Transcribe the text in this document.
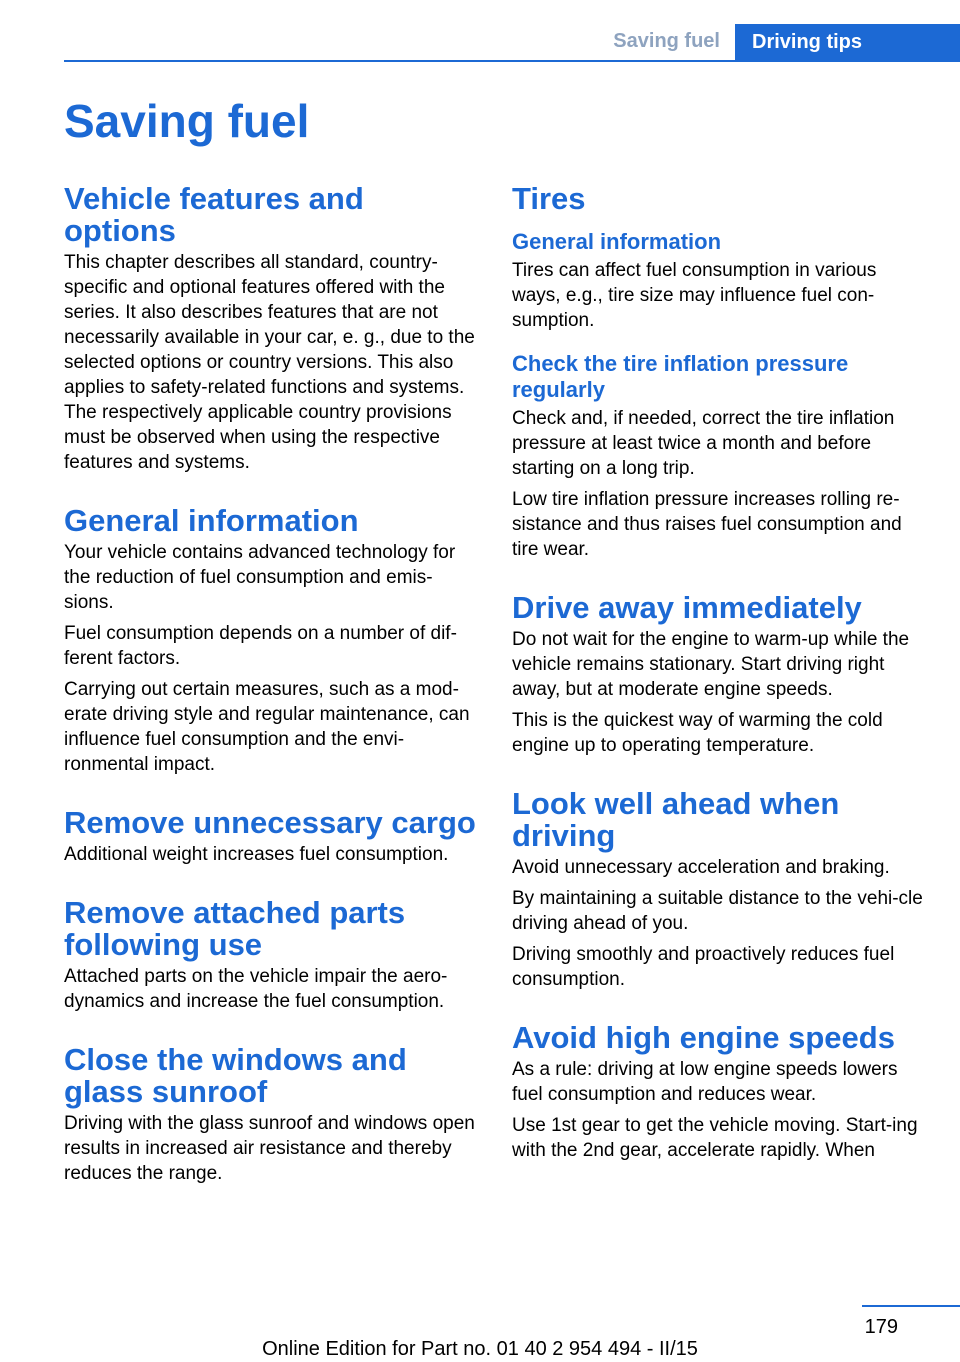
Saving fuel	Driving tips
Saving fuel
Vehicle features and options

This chapter describes all standard, country-specific and optional features offered with the series. It also describes features that are not necessarily available in your car, e. g., due to the selected options or country versions. This also applies to safety-related functions and systems. The respectively applicable country provisions must be observed when using the respective features and systems.

General information

Your vehicle contains advanced technology for the reduction of fuel consumption and emis-sions.

Fuel consumption depends on a number of dif-ferent factors.

Carrying out certain measures, such as a mod-erate driving style and regular maintenance, can influence fuel consumption and the envi-ronmental impact.

Remove unnecessary cargo

Additional weight increases fuel consumption.

Remove attached parts following use

Attached parts on the vehicle impair the aero-dynamics and increase the fuel consumption.

Close the windows and glass sunroof

Driving with the glass sunroof and windows open results in increased air resistance and thereby reduces the range.

Tires
General information

Tires can affect fuel consumption in various ways, e.g., tire size may influence fuel con-sumption.

Check the tire inflation pressure regularly

Check and, if needed, correct the tire inflation pressure at least twice a month and before starting on a long trip.

Low tire inflation pressure increases rolling re-sistance and thus raises fuel consumption and tire wear.

Drive away immediately

Do not wait for the engine to warm-up while the vehicle remains stationary. Start driving right away, but at moderate engine speeds.

This is the quickest way of warming the cold engine up to operating temperature.

Look well ahead when driving

Avoid unnecessary acceleration and braking.

By maintaining a suitable distance to the vehi-cle driving ahead of you.

Driving smoothly and proactively reduces fuel consumption.

Avoid high engine speeds

As a rule: driving at low engine speeds lowers fuel consumption and reduces wear.

Use 1st gear to get the vehicle moving. Start-ing with the 2nd gear, accelerate rapidly. When

179
Online Edition for Part no. 01 40 2 954 494 - II/15
